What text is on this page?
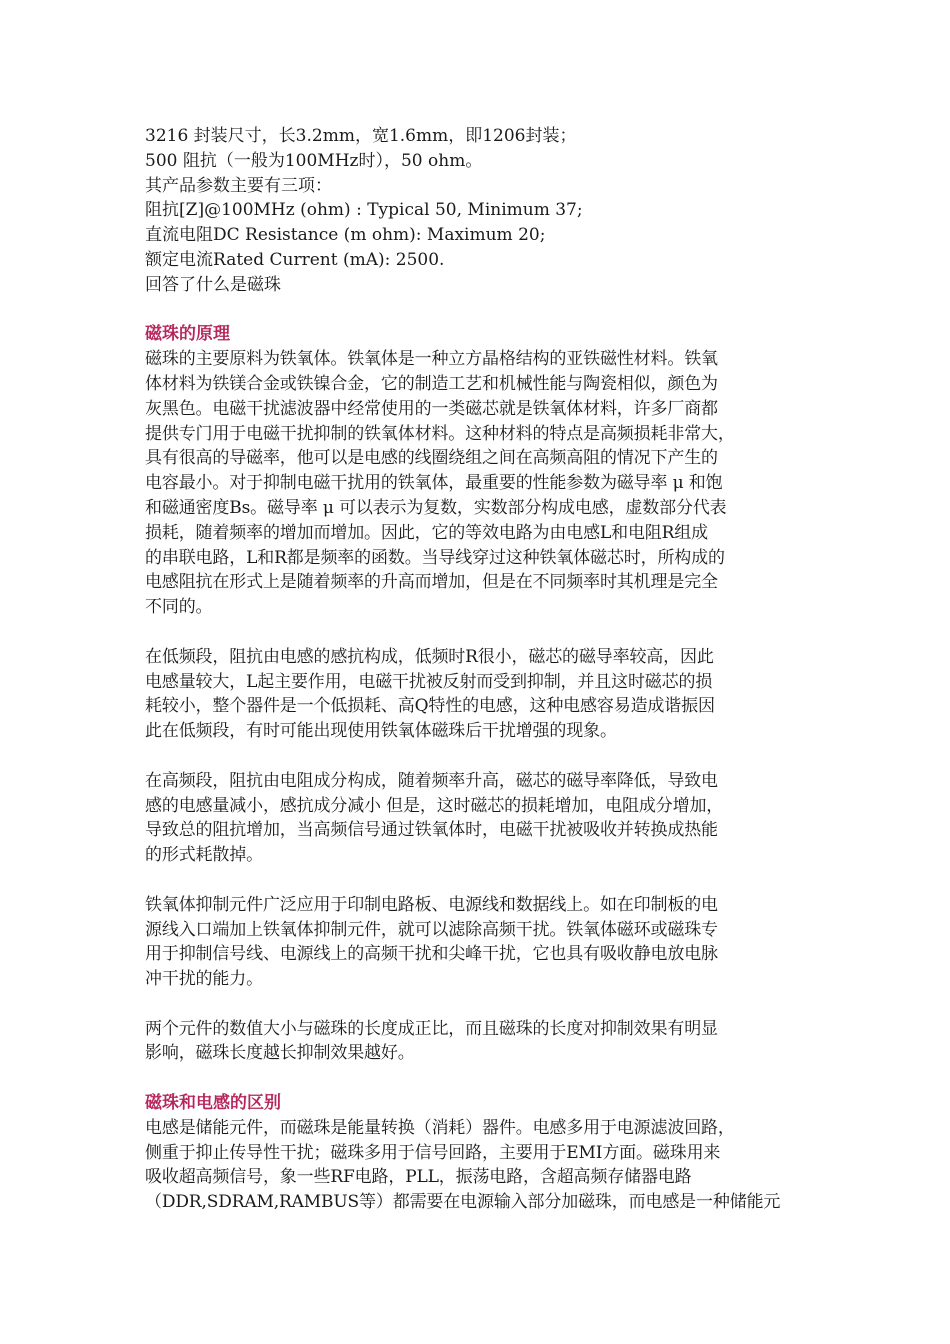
3216 封装尺寸，长3.2mm，宽1.6mm，即1206封装；
500 阻抗（一般为100MHz时），50 ohm。
其产品参数主要有三项：
阻抗[Z]@100MHz (ohm) : Typical 50, Minimum 37;
直流电阻DC Resistance (m ohm): Maximum 20;
额定电流Rated Current (mA): 2500.
回答了什么是磁珠
磁珠的原理
磁珠的主要原料为铁氧体。铁氧体是一种立方晶格结构的亚铁磁性材料。铁氧
体材料为铁镁合金或铁镍合金，它的制造工艺和机械性能与陶瓷相似，颜色为
灰黑色。电磁干扰滤波器中经常使用的一类磁芯就是铁氧体材料，许多厂商都
提供专门用于电磁干扰抑制的铁氧体材料。这种材料的特点是高频损耗非常大，
具有很高的导磁率，他可以是电感的线圈绕组之间在高频高阻的情况下产生的
电容最小。对于抑制电磁干扰用的铁氧体，最重要的性能参数为磁导率 μ 和饱
和磁通密度Bs。磁导率 μ 可以表示为复数，实数部分构成电感，虚数部分代表
损耗，随着频率的增加而增加。因此，它的等效电路为由电感L和电阻R组成
的串联电路，L和R都是频率的函数。当导线穿过这种铁氧体磁芯时，所构成的
电感阻抗在形式上是随着频率的升高而增加，但是在不同频率时其机理是完全
不同的。
在低频段，阻抗由电感的感抗构成，低频时R很小，磁芯的磁导率较高，因此
电感量较大，L起主要作用，电磁干扰被反射而受到抑制，并且这时磁芯的损
耗较小，整个器件是一个低损耗、高Q特性的电感，这种电感容易造成谐振因
此在低频段，有时可能出现使用铁氧体磁珠后干扰增强的现象。
在高频段，阻抗由电阻成分构成，随着频率升高，磁芯的磁导率降低，导致电
感的电感量减小，感抗成分减小 但是，这时磁芯的损耗增加，电阻成分增加，
导致总的阻抗增加，当高频信号通过铁氧体时，电磁干扰被吸收并转换成热能
的形式耗散掉。
铁氧体抑制元件广泛应用于印制电路板、电源线和数据线上。如在印制板的电
源线入口端加上铁氧体抑制元件，就可以滤除高频干扰。铁氧体磁环或磁珠专
用于抑制信号线、电源线上的高频干扰和尖峰干扰，它也具有吸收静电放电脉
冲干扰的能力。
两个元件的数值大小与磁珠的长度成正比，而且磁珠的长度对抑制效果有明显
影响，磁珠长度越长抑制效果越好。
磁珠和电感的区别
电感是储能元件，而磁珠是能量转换（消耗）器件。电感多用于电源滤波回路，
侧重于抑止传导性干扰；磁珠多用于信号回路，主要用于EMI方面。磁珠用来
吸收超高频信号，象一些RF电路，PLL，振荡电路，含超高频存储器电路
（DDR,SDRAM,RAMBUS等）都需要在电源输入部分加磁珠，而电感是一种储能元
